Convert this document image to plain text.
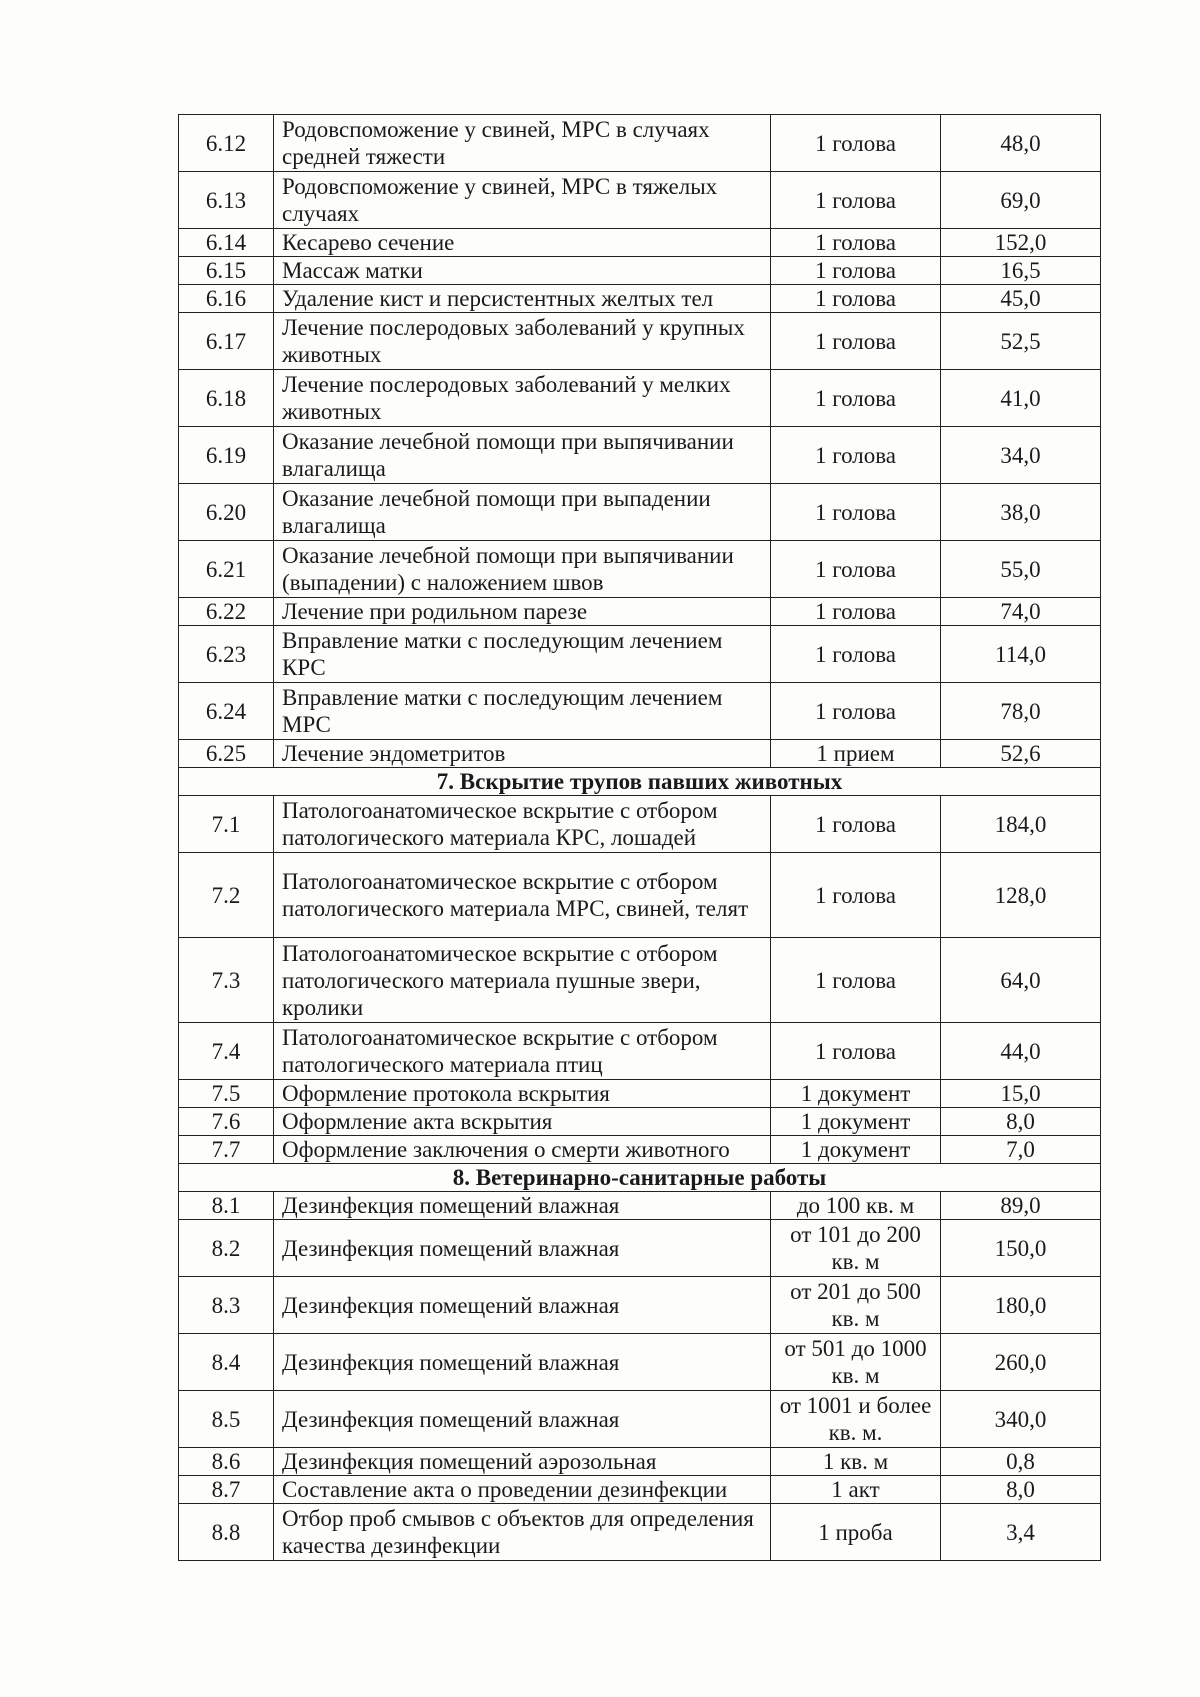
6.12	Родовспоможение у свиней, МРС в случаях средней тяжести	1 голова	48,0
6.13	Родовспоможение у свиней, МРС в тяжелых случаях	1 голова	69,0
6.14	Кесарево сечение	1 голова	152,0
6.15	Массаж матки	1 голова	16,5
6.16	Удаление кист и персистентных желтых тел	1 голова	45,0
6.17	Лечение послеродовых заболеваний у крупных животных	1 голова	52,5
6.18	Лечение послеродовых заболеваний у мелких животных	1 голова	41,0
6.19	Оказание лечебной помощи при выпячивании влагалища	1 голова	34,0
6.20	Оказание лечебной помощи при выпадении влагалища	1 голова	38,0
6.21	Оказание лечебной помощи при выпячивании (выпадении) с наложением швов	1 голова	55,0
6.22	Лечение при родильном парезе	1 голова	74,0
6.23	Вправление матки с последующим лечением КРС	1 голова	114,0
6.24	Вправление матки с последующим лечением МРС	1 голова	78,0
6.25	Лечение эндометритов	1 прием	52,6
7. Вскрытие трупов павших животных			
7.1	Патологоанатомическое вскрытие с отбором патологического материала КРС, лошадей	1 голова	184,0
7.2	Патологоанатомическое вскрытие с отбором патологического материала МРС, свиней, телят	1 голова	128,0
7.3	Патологоанатомическое вскрытие с отбором патологического материала пушные звери, кролики	1 голова	64,0
7.4	Патологоанатомическое вскрытие с отбором патологического материала птиц	1 голова	44,0
7.5	Оформление протокола вскрытия	1 документ	15,0
7.6	Оформление акта вскрытия	1 документ	8,0
7.7	Оформление заключения о смерти животного	1 документ	7,0
8. Ветеринарно-санитарные работы			
8.1	Дезинфекция помещений влажная	до 100 кв. м	89,0
8.2	Дезинфекция помещений влажная	от 101 до 200 кв. м	150,0
8.3	Дезинфекция помещений влажная	от 201 до 500 кв. м	180,0
8.4	Дезинфекция помещений влажная	от 501 до 1000 кв. м	260,0
8.5	Дезинфекция помещений влажная	от 1001 и более кв. м.	340,0
8.6	Дезинфекция помещений аэрозольная	1 кв. м	0,8
8.7	Составление акта о проведении дезинфекции	1 акт	8,0
8.8	Отбор проб смывов с объектов для определения качества дезинфекции	1 проба	3,4
